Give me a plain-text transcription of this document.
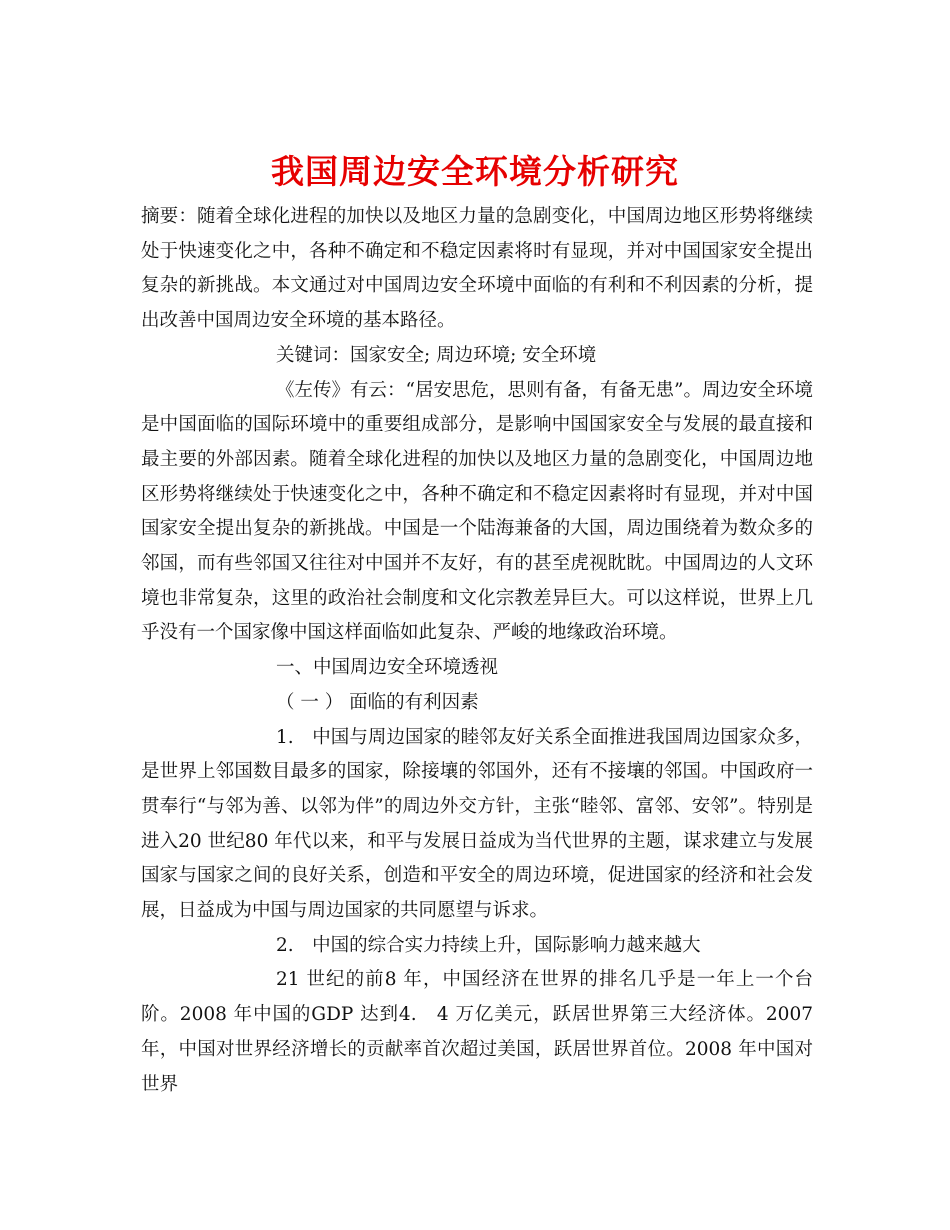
我国周边安全环境分析研究

摘要：随着全球化进程的加快以及地区力量的急剧变化，中国周边地区形势将继续处于快速变化之中，各种不确定和不稳定因素将时有显现，并对中国国家安全提出复杂的新挑战。本文通过对中国周边安全环境中面临的有利和不利因素的分析，提出改善中国周边安全环境的基本路径。

关键词：国家安全; 周边环境; 安全环境

《左传》有云：“居安思危，思则有备，有备无患”。周边安全环境是中国面临的国际环境中的重要组成部分，是影响中国国家安全与发展的最直接和最主要的外部因素。随着全球化进程的加快以及地区力量的急剧变化，中国周边地区形势将继续处于快速变化之中，各种不确定和不稳定因素将时有显现，并对中国国家安全提出复杂的新挑战。中国是一个陆海兼备的大国，周边围绕着为数众多的邻国，而有些邻国又往往对中国并不友好，有的甚至虎视眈眈。中国周边的人文环境也非常复杂，这里的政治社会制度和文化宗教差异巨大。可以这样说，世界上几乎没有一个国家像中国这样面临如此复杂、严峻的地缘政治环境。

一、中国周边安全环境透视

（ 一 ） 面临的有利因素

1.　中国与周边国家的睦邻友好关系全面推进我国周边国家众多，是世界上邻国数目最多的国家，除接壤的邻国外，还有不接壤的邻国。中国政府一贯奉行“与邻为善、以邻为伴”的周边外交方针，主张“睦邻、富邻、安邻”。特别是进入20 世纪80 年代以来，和平与发展日益成为当代世界的主题，谋求建立与发展国家与国家之间的良好关系，创造和平安全的周边环境，促进国家的经济和社会发展，日益成为中国与周边国家的共同愿望与诉求。

2.　中国的综合实力持续上升，国际影响力越来越大

21 世纪的前8 年，中国经济在世界的排名几乎是一年上一个台阶。2008 年中国的GDP 达到4.　4 万亿美元，跃居世界第三大经济体。2007 年，中国对世界经济增长的贡献率首次超过美国，跃居世界首位。2008 年中国对世界
